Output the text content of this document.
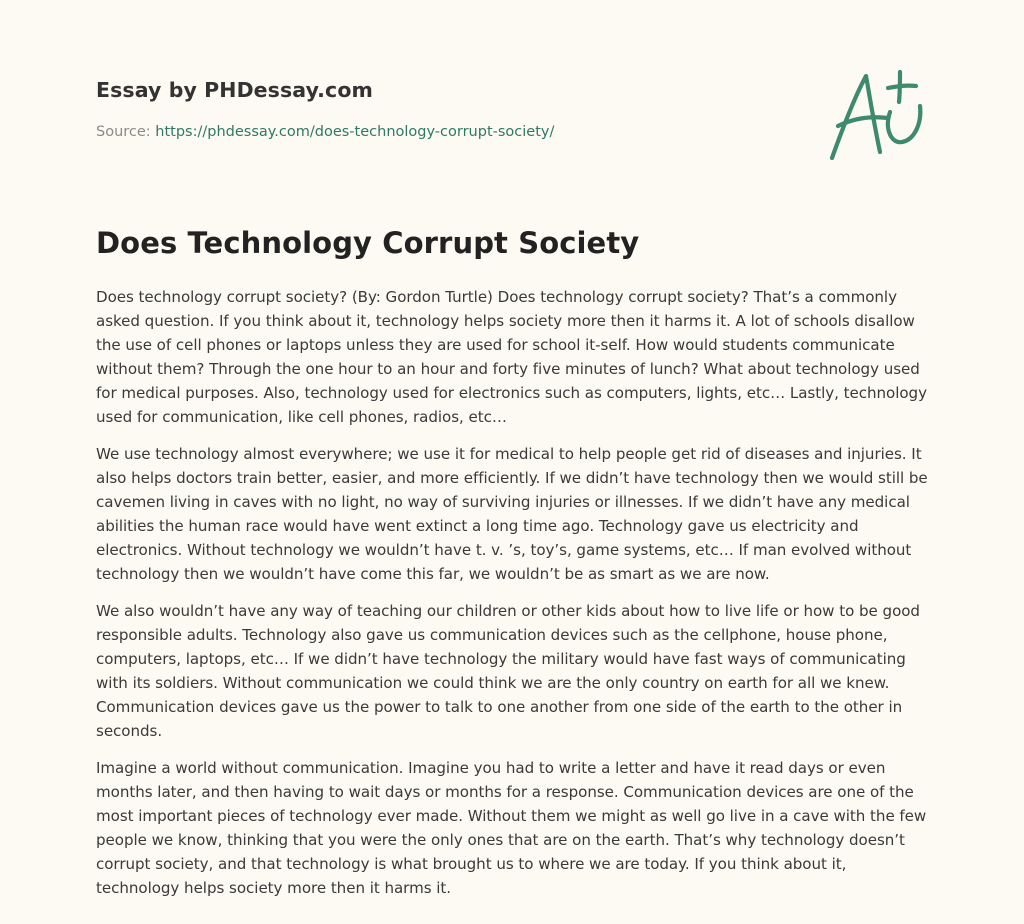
Essay by PHDessay.com
Source: https://phdessay.com/does-technology-corrupt-society/
Does Technology Corrupt Society

Does technology corrupt society? (By: Gordon Turtle) Does technology corrupt society? That’s a commonly asked question. If you think about it, technology helps society more then it harms it. A lot of schools disallow the use of cell phones or laptops unless they are used for school it-self. How would students communicate without them? Through the one hour to an hour and forty five minutes of lunch? What about technology used for medical purposes. Also, technology used for electronics such as computers, lights, etc… Lastly, technology used for communication, like cell phones, radios, etc…

We use technology almost everywhere; we use it for medical to help people get rid of diseases and injuries. It also helps doctors train better, easier, and more efficiently. If we didn’t have technology then we would still be cavemen living in caves with no light, no way of surviving injuries or illnesses. If we didn’t have any medical abilities the human race would have went extinct a long time ago. Technology gave us electricity and electronics. Without technology we wouldn’t have t. v. ’s, toy’s, game systems, etc… If man evolved without technology then we wouldn’t have come this far, we wouldn’t be as smart as we are now.

We also wouldn’t have any way of teaching our children or other kids about how to live life or how to be good responsible adults. Technology also gave us communication devices such as the cellphone, house phone, computers, laptops, etc… If we didn’t have technology the military would have fast ways of communicating with its soldiers. Without communication we could think we are the only country on earth for all we knew. Communication devices gave us the power to talk to one another from one side of the earth to the other in seconds.

Imagine a world without communication. Imagine you had to write a letter and have it read days or even months later, and then having to wait days or months for a response. Communication devices are one of the most important pieces of technology ever made. Without them we might as well go live in a cave with the few people we know, thinking that you were the only ones that are on the earth. That’s why technology doesn’t corrupt society, and that technology is what brought us to where we are today. If you think about it, technology helps society more then it harms it.
